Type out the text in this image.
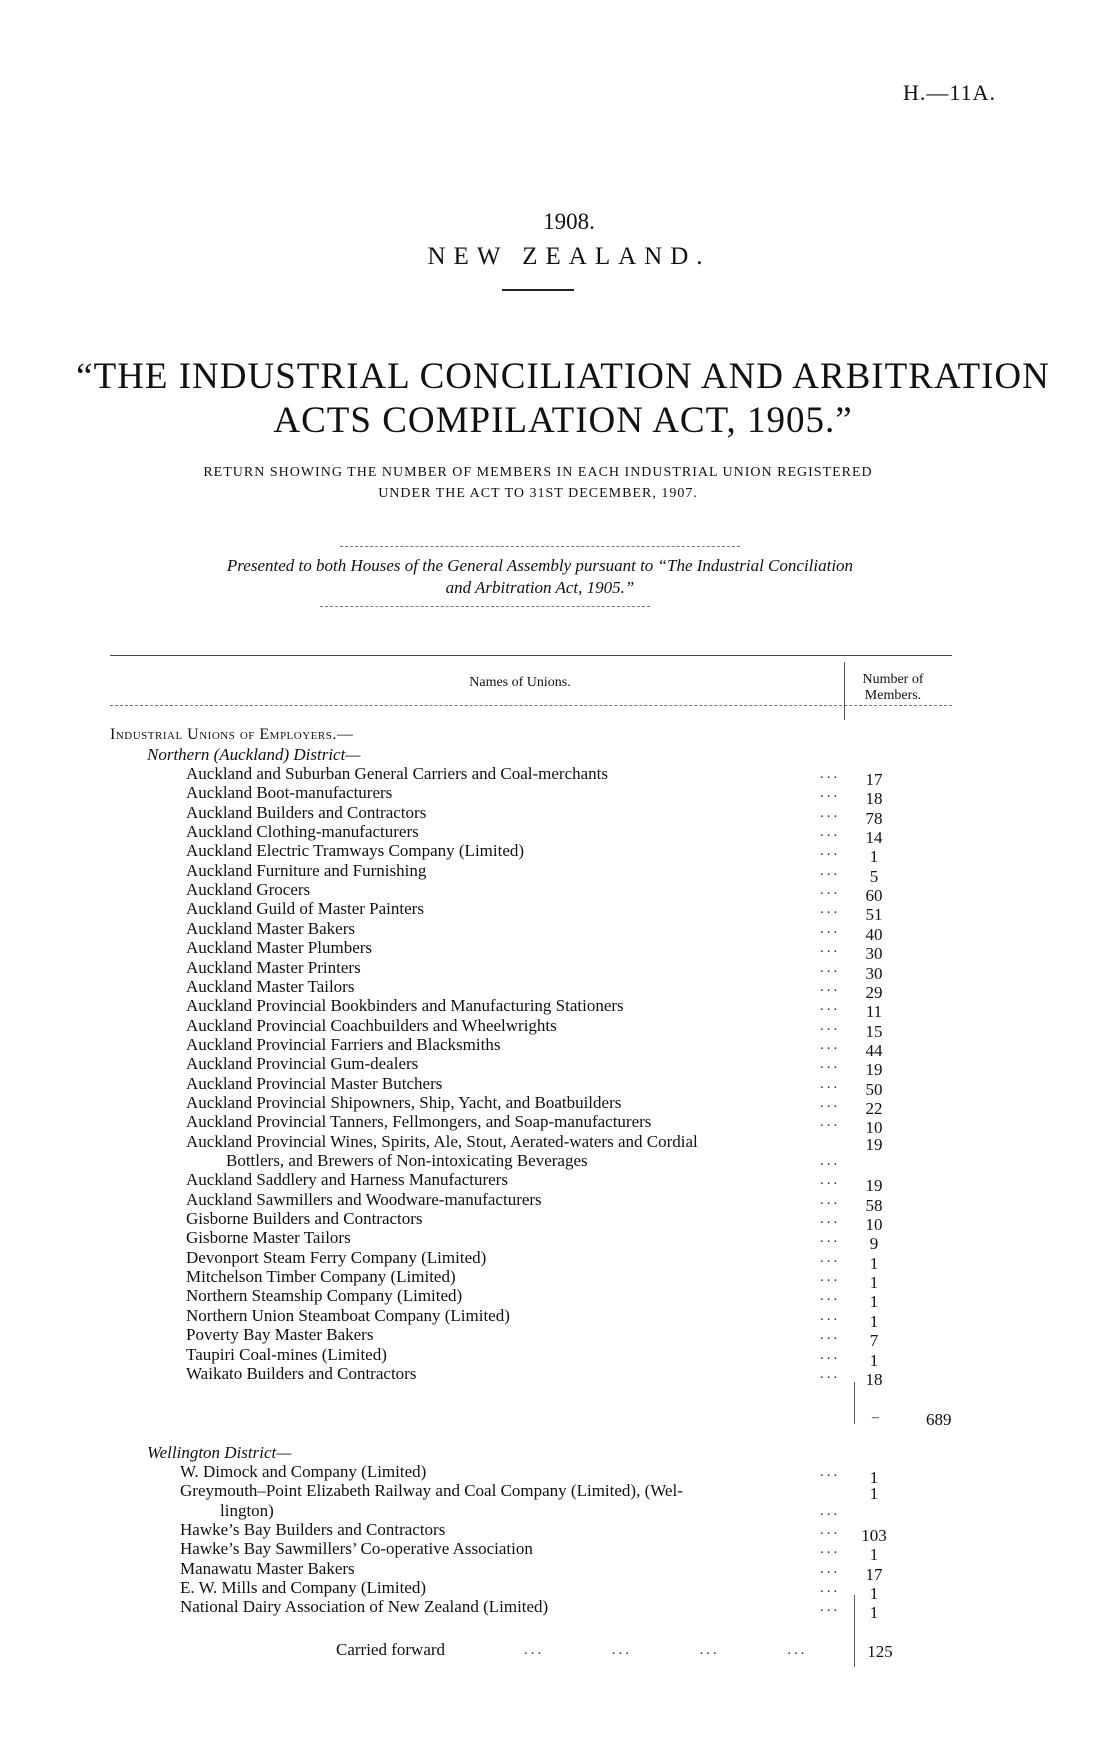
H.—11A.
1908.
NEW ZEALAND.
“THE INDUSTRIAL CONCILIATION AND ARBITRATION
ACTS COMPILATION ACT, 1905.”
RETURN SHOWING THE NUMBER OF MEMBERS IN EACH INDUSTRIAL UNION REGISTERED
UNDER THE ACT TO 31ST DECEMBER, 1907.
Presented to both Houses of the General Assembly pursuant to “The Industrial Conciliation
and Arbitration Act, 1905.”
Names of Unions.	Number of
Members.
Industrial Unions of Employers.—
Northern (Auckland) District—
Auckland and Suburban General Carriers and Coal-merchants	17
...
Auckland Boot-manufacturers	18
...
Auckland Builders and Contractors	78
...
Auckland Clothing-manufacturers	14
...
Auckland Electric Tramways Company (Limited)	1
...
Auckland Furniture and Furnishing	5
...
Auckland Grocers	60
...
Auckland Guild of Master Painters	51
...
Auckland Master Bakers	40
...
Auckland Master Plumbers	30
...
Auckland Master Printers	30
...
Auckland Master Tailors	29
...
Auckland Provincial Bookbinders and Manufacturing Stationers	11
...
Auckland Provincial Coachbuilders and Wheelwrights	15
...
Auckland Provincial Farriers and Blacksmiths	44
...
Auckland Provincial Gum-dealers	19
...
Auckland Provincial Master Butchers	50
...
Auckland Provincial Shipowners, Ship, Yacht, and Boatbuilders	22
...
Auckland Provincial Tanners, Fellmongers, and Soap-manufacturers	10
...
Auckland Provincial Wines, Spirits, Ale, Stout, Aerated-waters and Cordial
Bottlers, and Brewers of Non-intoxicating Beverages
19
...
Auckland Saddlery and Harness Manufacturers	19
...
Auckland Sawmillers and Woodware-manufacturers	58
...
Gisborne Builders and Contractors	10
...
Gisborne Master Tailors	9
...
Devonport Steam Ferry Company (Limited)	1
...
Mitchelson Timber Company (Limited)	1
...
Northern Steamship Company (Limited)	1
...
Northern Union Steamboat Company (Limited)	1
...
Poverty Bay Master Bakers	7
...
Taupiri Coal-mines (Limited)	1
...
Waikato Builders and Contractors	18
...
–	689
Wellington District—
W. Dimock and Company (Limited)	1
...
Greymouth–Point Elizabeth Railway and Coal Company (Limited), (Wel-
lington)
1
...
Hawke’s Bay Builders and Contractors	103
...
Hawke’s Bay Sawmillers’ Co-operative Association	1
...
Manawatu Master Bakers	17
...
E. W. Mills and Company (Limited)	1
...
National Dairy Association of New Zealand (Limited)	1
...
Carried forward	...          ...          ...          ...	125
